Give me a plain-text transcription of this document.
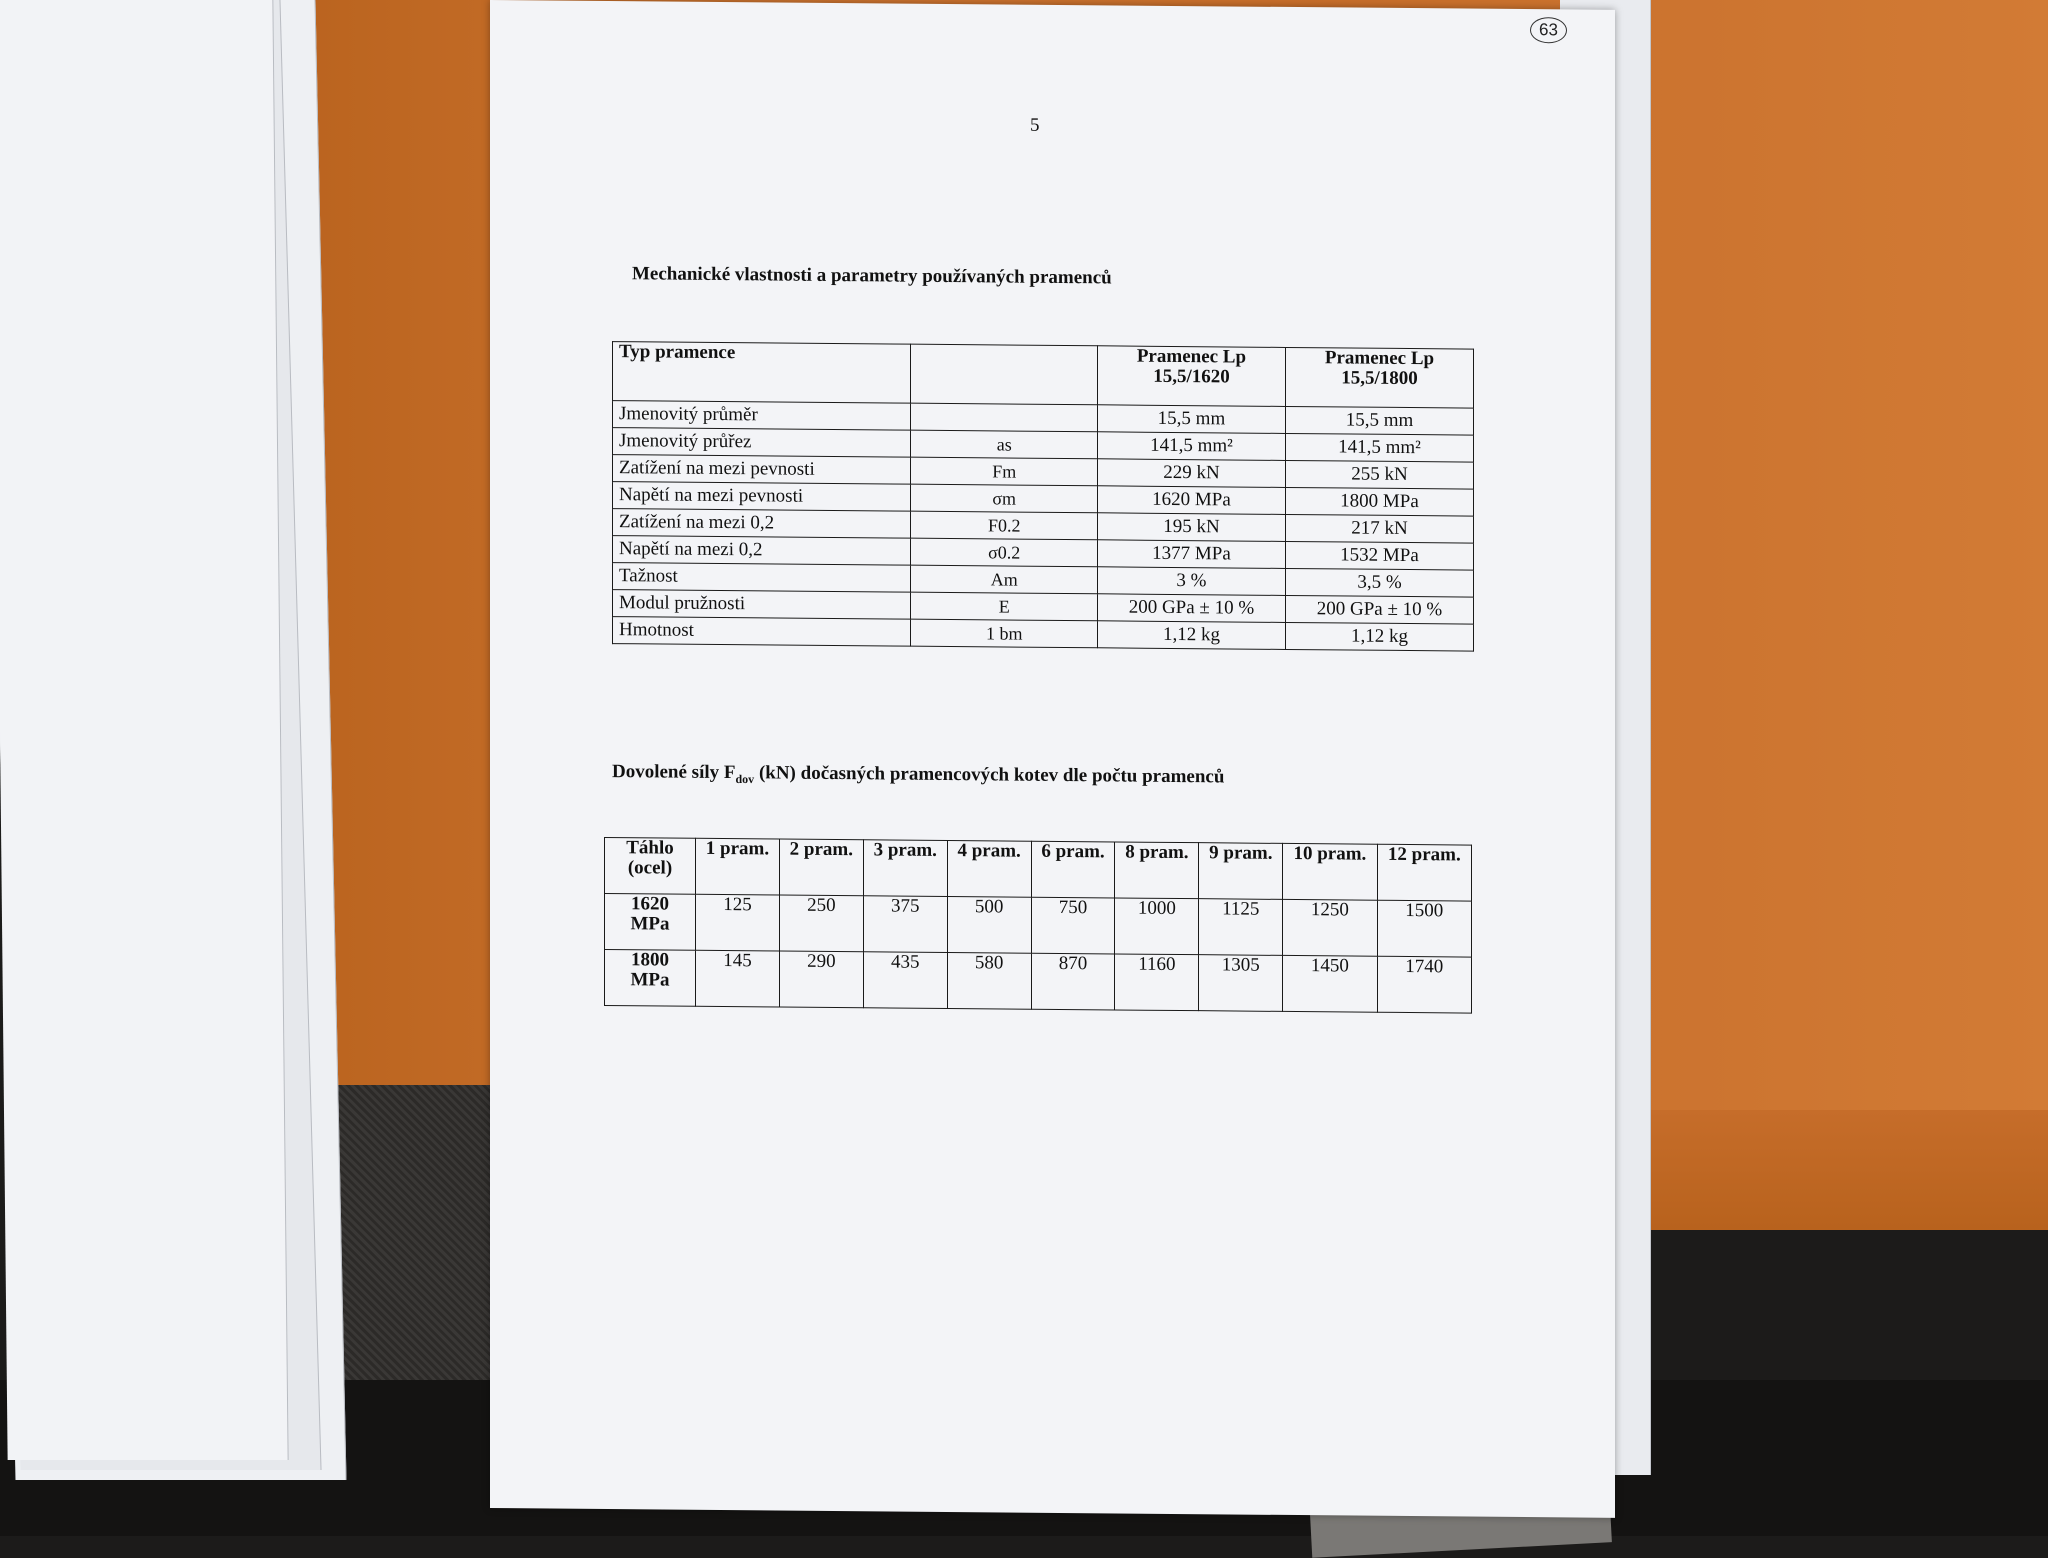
63
5
Mechanické vlastnosti a parametry používaných pramenců
Typ pramence		Pramenec Lp 15,5/1620	Pramenec Lp 15,5/1800
Jmenovitý průměr		15,5 mm	15,5 mm
Jmenovitý průřez	as	141,5 mm²	141,5 mm²
Zatížení na mezi pevnosti	Fm	229 kN	255 kN
Napětí na mezi pevnosti	σm	1620 MPa	1800 MPa
Zatížení na mezi 0,2	F0.2	195 kN	217 kN
Napětí na mezi 0,2	σ0.2	1377 MPa	1532 MPa
Tažnost	Am	3 %	3,5 %
Modul pružnosti	E	200 GPa ± 10 %	200 GPa ± 10 %
Hmotnost	1 bm	1,12 kg	1,12 kg
Dovolené síly $F_{dov}$ (kN) dočasných pramencových kotev dle počtu pramenců
Táhlo (ocel)	1 pram.	2 pram.	3 pram.	4 pram.	6 pram.	8 pram.	9 pram.	10 pram.	12 pram.
1620 MPa	125	250	375	500	750	1000	1125	1250	1500
1800 MPa	145	290	435	580	870	1160	1305	1450	1740
